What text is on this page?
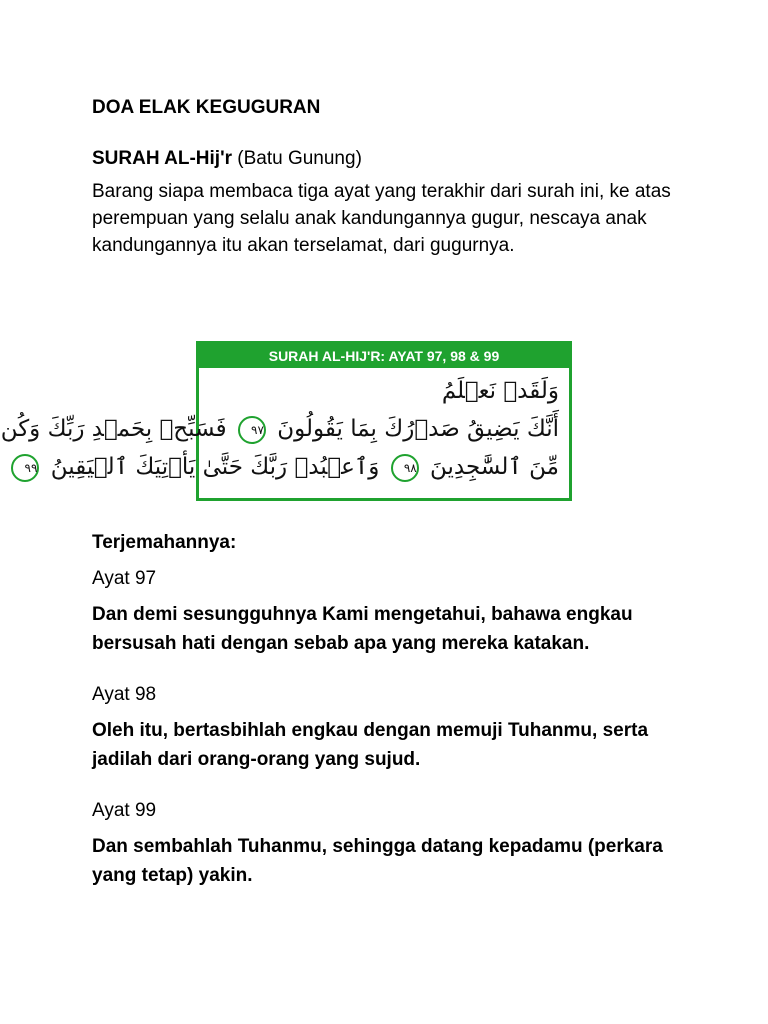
DOA ELAK KEGUGURAN

SURAH AL-Hij'r (Batu Gunung)

Barang siapa membaca tiga ayat yang terakhir dari surah ini, ke atas perempuan yang selalu anak kandungannya gugur, nescaya anak kandungannya itu akan terselamat, dari gugurnya.

SURAH AL-HIJ'R: AYAT 97, 98 & 99
وَلَقَدۡ نَعۡلَمُ
أَنَّكَ يَضِيقُ صَدۡرُكَ بِمَا يَقُولُونَ ٩٧ فَسَبِّحۡ بِحَمۡدِ رَبِّكَ وَكُن
مِّنَ ٱلسَّٰجِدِينَ ٩٨ وَٱعۡبُدۡ رَبَّكَ حَتَّىٰ يَأۡتِيَكَ ٱلۡيَقِينُ ٩٩

Terjemahannya:

Ayat 97

Dan demi sesungguhnya Kami mengetahui, bahawa engkau bersusah hati dengan sebab apa yang mereka katakan.

Ayat 98

Oleh itu, bertasbihlah engkau dengan memuji Tuhanmu, serta jadilah dari orang-orang yang sujud.

Ayat 99

Dan sembahlah Tuhanmu, sehingga datang kepadamu (perkara yang tetap) yakin.
